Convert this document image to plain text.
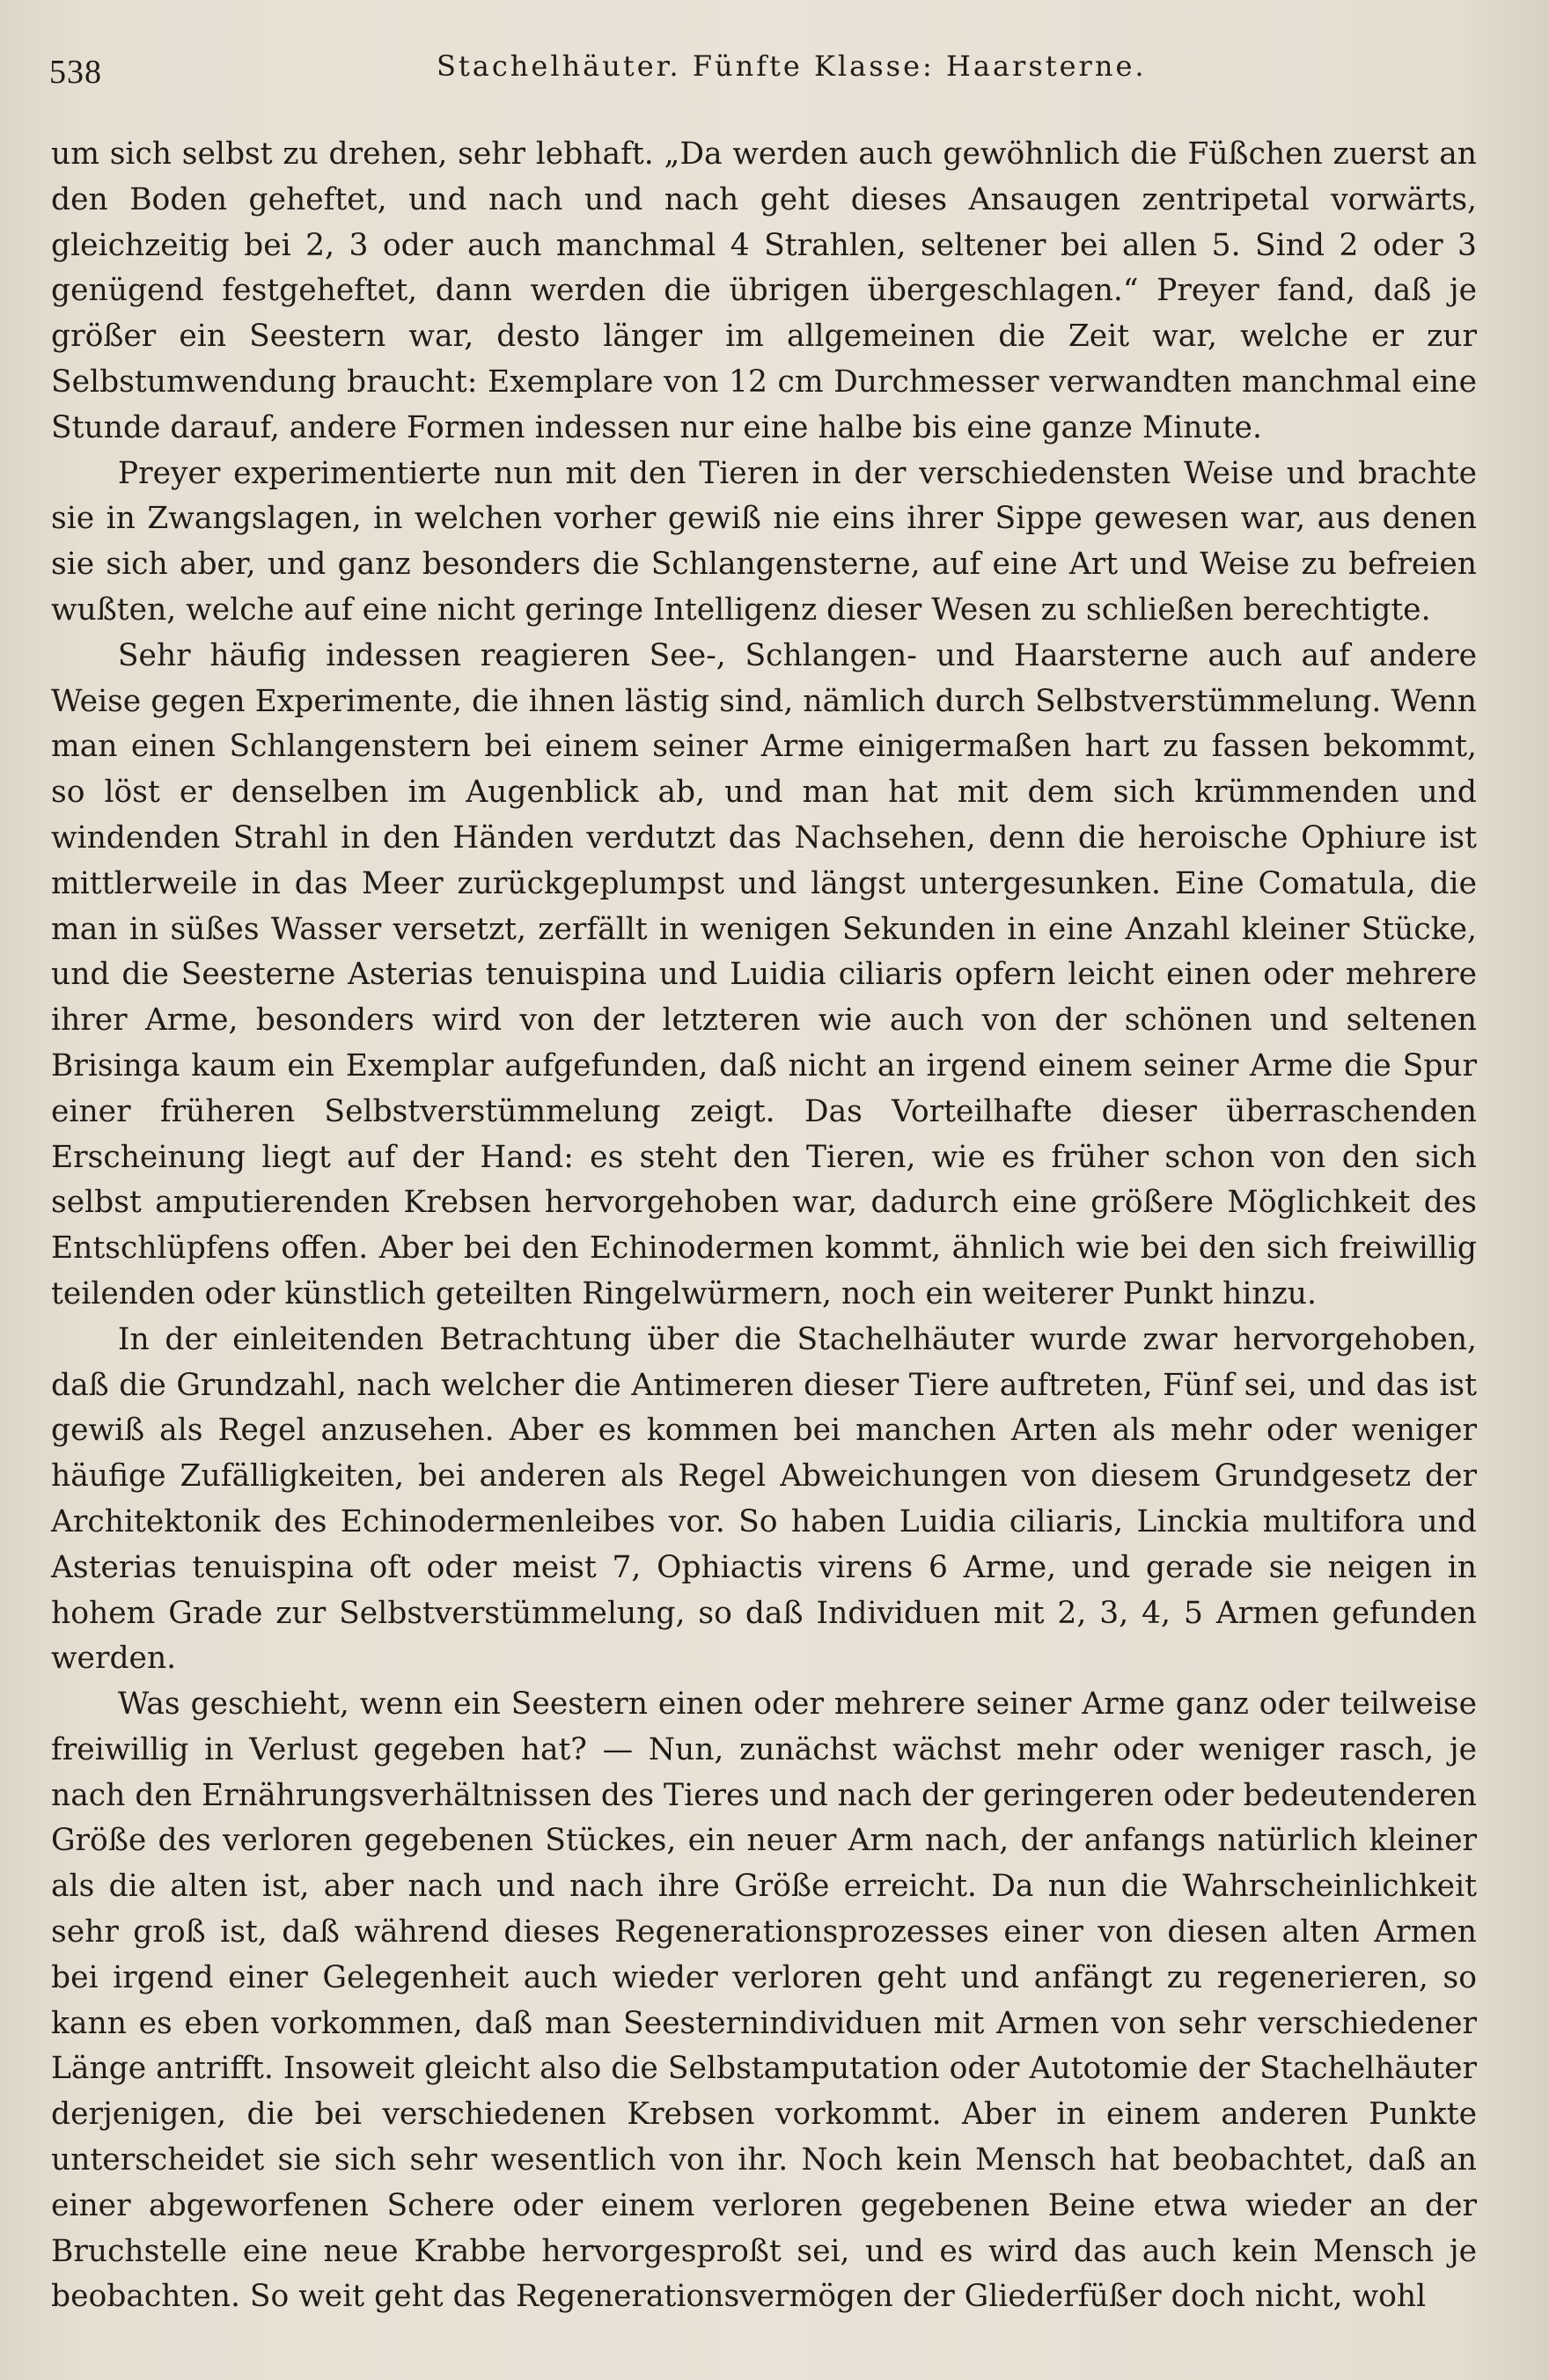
538	Stachelhäuter. Fünfte Klasse: Haarsterne.

um sich selbst zu drehen, sehr lebhaft. „Da werden auch gewöhnlich die Füßchen zuerst an den Boden geheftet, und nach und nach geht dieses Ansaugen zentripetal vorwärts, gleichzeitig bei 2, 3 oder auch manchmal 4 Strahlen, seltener bei allen 5. Sind 2 oder 3 genügend festgeheftet, dann werden die übrigen übergeschlagen.“ Preyer fand, daß je größer ein Seestern war, desto länger im allgemeinen die Zeit war, welche er zur Selbstumwendung braucht: Exemplare von 12 cm Durchmesser verwandten manchmal eine Stunde darauf, andere Formen indessen nur eine halbe bis eine ganze Minute.

Preyer experimentierte nun mit den Tieren in der verschiedensten Weise und brachte sie in Zwangslagen, in welchen vorher gewiß nie eins ihrer Sippe gewesen war, aus denen sie sich aber, und ganz besonders die Schlangensterne, auf eine Art und Weise zu befreien wußten, welche auf eine nicht geringe Intelligenz dieser Wesen zu schließen berechtigte.

Sehr häufig indessen reagieren See-, Schlangen- und Haarsterne auch auf andere Weise gegen Experimente, die ihnen lästig sind, nämlich durch Selbstverstümmelung. Wenn man einen Schlangenstern bei einem seiner Arme einigermaßen hart zu fassen bekommt, so löst er denselben im Augenblick ab, und man hat mit dem sich krümmenden und windenden Strahl in den Händen verdutzt das Nachsehen, denn die heroische Ophiure ist mittlerweile in das Meer zurückgeplumpst und längst untergesunken. Eine Comatula, die man in süßes Wasser versetzt, zerfällt in wenigen Sekunden in eine Anzahl kleiner Stücke, und die Seesterne Asterias tenuispina und Luidia ciliaris opfern leicht einen oder mehrere ihrer Arme, besonders wird von der letzteren wie auch von der schönen und seltenen Brisinga kaum ein Exemplar aufgefunden, daß nicht an irgend einem seiner Arme die Spur einer früheren Selbstverstümmelung zeigt. Das Vorteilhafte dieser überraschenden Erscheinung liegt auf der Hand: es steht den Tieren, wie es früher schon von den sich selbst amputierenden Krebsen hervorgehoben war, dadurch eine größere Möglichkeit des Entschlüpfens offen. Aber bei den Echinodermen kommt, ähnlich wie bei den sich freiwillig teilenden oder künstlich geteilten Ringelwürmern, noch ein weiterer Punkt hinzu.

In der einleitenden Betrachtung über die Stachelhäuter wurde zwar hervorgehoben, daß die Grundzahl, nach welcher die Antimeren dieser Tiere auftreten, Fünf sei, und das ist gewiß als Regel anzusehen. Aber es kommen bei manchen Arten als mehr oder weniger häufige Zufälligkeiten, bei anderen als Regel Abweichungen von diesem Grundgesetz der Architektonik des Echinodermenleibes vor. So haben Luidia ciliaris, Linckia multifora und Asterias tenuispina oft oder meist 7, Ophiactis virens 6 Arme, und gerade sie neigen in hohem Grade zur Selbstverstümmelung, so daß Individuen mit 2, 3, 4, 5 Armen gefunden werden.

Was geschieht, wenn ein Seestern einen oder mehrere seiner Arme ganz oder teilweise freiwillig in Verlust gegeben hat? — Nun, zunächst wächst mehr oder weniger rasch, je nach den Ernährungsverhältnissen des Tieres und nach der geringeren oder bedeutenderen Größe des verloren gegebenen Stückes, ein neuer Arm nach, der anfangs natürlich kleiner als die alten ist, aber nach und nach ihre Größe erreicht. Da nun die Wahrscheinlichkeit sehr groß ist, daß während dieses Regenerationsprozesses einer von diesen alten Armen bei irgend einer Gelegenheit auch wieder verloren geht und anfängt zu regenerieren, so kann es eben vorkommen, daß man Seesternindividuen mit Armen von sehr verschiedener Länge antrifft. Insoweit gleicht also die Selbstamputation oder Autotomie der Stachelhäuter derjenigen, die bei verschiedenen Krebsen vorkommt. Aber in einem anderen Punkte unterscheidet sie sich sehr wesentlich von ihr. Noch kein Mensch hat beobachtet, daß an einer abgeworfenen Schere oder einem verloren gegebenen Beine etwa wieder an der Bruchstelle eine neue Krabbe hervorgesproßt sei, und es wird das auch kein Mensch je beobachten. So weit geht das Regenerationsvermögen der Gliederfüßer doch nicht, wohl
